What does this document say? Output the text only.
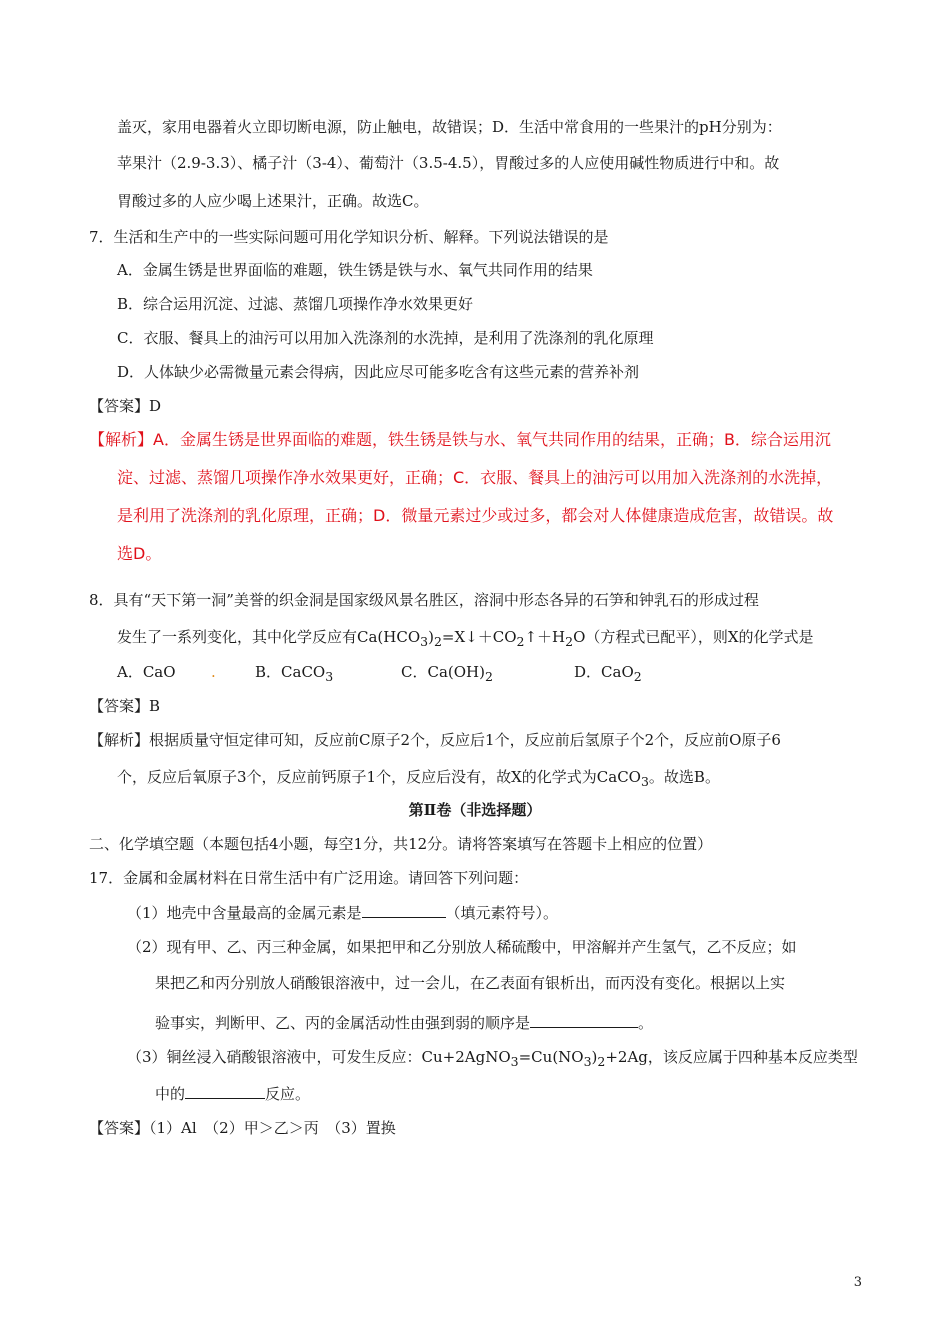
盖灭，家用电器着火立即切断电源，防止触电，故错误；D．生活中常食用的一些果汁的pH分别为：
苹果汁（2.9-3.3）、橘子汁（3-4）、葡萄汁（3.5-4.5），胃酸过多的人应使用碱性物质进行中和。故
胃酸过多的人应少喝上述果汁，正确。故选C。
7．生活和生产中的一些实际问题可用化学知识分析、解释。下列说法错误的是
A．金属生锈是世界面临的难题，铁生锈是铁与水、氧气共同作用的结果
B．综合运用沉淀、过滤、蒸馏几项操作净水效果更好
C．衣服、餐具上的油污可以用加入洗涤剂的水洗掉，是利用了洗涤剂的乳化原理
D．人体缺少必需微量元素会得病，因此应尽可能多吃含有这些元素的营养补剂
【答案】D
【解析】A．金属生锈是世界面临的难题，铁生锈是铁与水、氧气共同作用的结果，正确；B．综合运用沉
淀、过滤、蒸馏几项操作净水效果更好，正确；C．衣服、餐具上的油污可以用加入洗涤剂的水洗掉，
是利用了洗涤剂的乳化原理，正确；D．微量元素过少或过多，都会对人体健康造成危害，故错误。故
选D。
8．具有“天下第一洞”美誉的织金洞是国家级风景名胜区，溶洞中形态各异的石笋和钟乳石的形成过程
发生了一系列变化，其中化学反应有$Ca(HCO_3)_2=X↓+CO_2↑+H_2O$（方程式已配平），则X的化学式是
A．CaO .	B．CaCO$_3$	C．$Ca(OH)_2$	D．CaO$_2$
【答案】B
【解析】根据质量守恒定律可知，反应前C原子2个，反应后1个，反应前后氢原子个2个，反应前O原子6
个，反应后氧原子3个，反应前钙原子1个，反应后没有，故X的化学式为CaCO$_3$。故选B。
第Ⅱ卷（非选择题）
二、化学填空题（本题包括4小题，每空1分，共12分。请将答案填写在答题卡上相应的位置）
17．金属和金属材料在日常生活中有广泛用途。请回答下列问题：
（1）地壳中含量最高的金属元素是	（填元素符号）。
（2）现有甲、乙、丙三种金属，如果把甲和乙分别放人稀硫酸中，甲溶解并产生氢气，乙不反应；如
果把乙和丙分别放人硝酸银溶液中，过一会儿，在乙表面有银析出，而丙没有变化。根据以上实
验事实，判断甲、乙、丙的金属活动性由强到弱的顺序是	。
（3）铜丝浸入硝酸银溶液中，可发生反应：$Cu+2AgNO_3=Cu(NO_3)_2+2Ag$，该反应属于四种基本反应类型
中的	反应。
【答案】（1）Al　（2）甲＞乙＞丙　（3）置换
3
